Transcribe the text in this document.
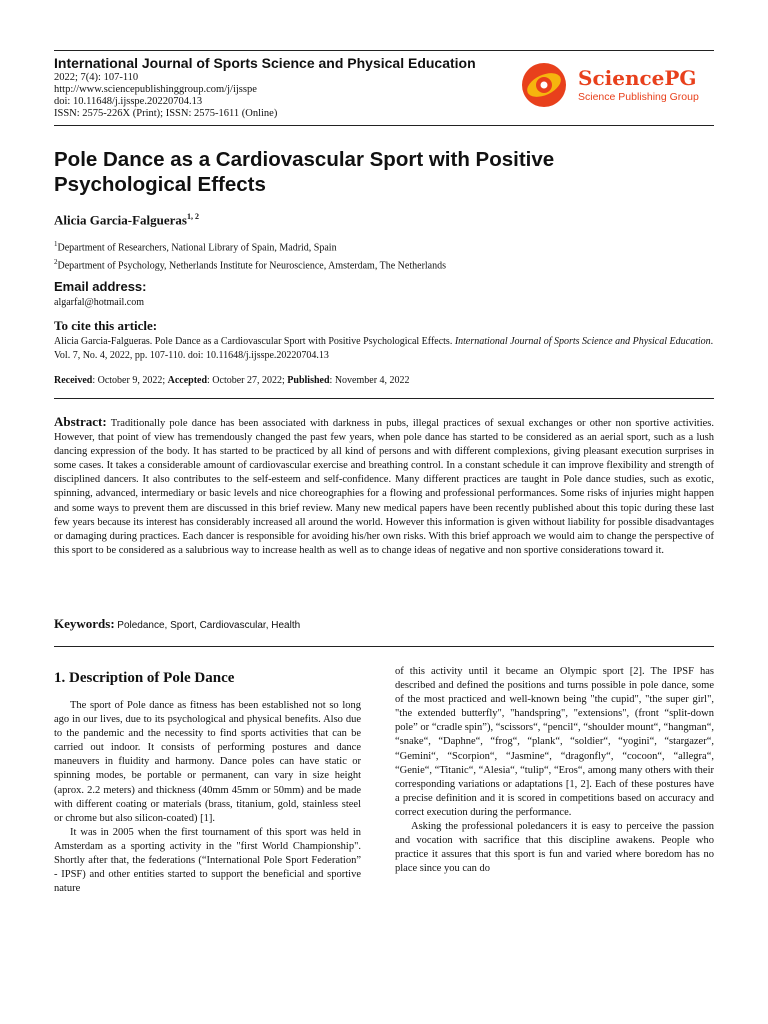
International Journal of Sports Science and Physical Education
2022; 7(4): 107-110
http://www.sciencepublishinggroup.com/j/ijsspe
doi: 10.11648/j.ijsspe.20220704.13
ISSN: 2575-226X (Print); ISSN: 2575-1611 (Online)
SciencePG
Science Publishing Group
Pole Dance as a Cardiovascular Sport with Positive
Psychological Effects
Alicia Garcia-Falgueras$^{1, 2}$
$^1$Department of Researchers, National Library of Spain, Madrid, Spain
$^2$Department of Psychology, Netherlands Institute for Neuroscience, Amsterdam, The Netherlands
Email address:
algarfal@hotmail.com
To cite this article:
Alicia Garcia-Falgueras. Pole Dance as a Cardiovascular Sport with Positive Psychological Effects. International Journal of Sports Science and Physical Education. Vol. 7, No. 4, 2022, pp. 107-110. doi: 10.11648/j.ijsspe.20220704.13
Received: October 9, 2022; Accepted: October 27, 2022; Published: November 4, 2022
Abstract: Traditionally pole dance has been associated with darkness in pubs, illegal practices of sexual exchanges or other non sportive activities. However, that point of view has tremendously changed the past few years, when pole dance has started to be considered as an aerial sport, such as a lush dancing expression of the body. It has started to be practiced by all kind of persons and with different complexions, giving pleasant execution surprises in some cases. It takes a considerable amount of cardiovascular exercise and breathing control. In a constant schedule it can improve flexibility and strength of disciplined dancers. It also contributes to the self-esteem and self-confidence. Many different practices are taught in Pole dance studies, such as exotic, spinning, advanced, intermediary or basic levels and nice choreographies for a flowing and professional performances. Some risks of injuries might happen and some ways to prevent them are discussed in this brief review. Many new medical papers have been recently published about this topic during these last few years because its interest has considerably increased all around the world. However this information is given without liability for possible disadvantages or damaging during practices. Each dancer is responsible for avoiding his/her own risks. With this brief approach we would aim to change the perspective of this sport to be considered as a salubrious way to increase health as well as to change ideas of negative and non sportive considerations toward it.
Keywords: Poledance, Sport, Cardiovascular, Health
1. Description of Pole Dance

The sport of Pole dance as fitness has been established not so long ago in our lives, due to its psychological and physical benefits. Also due to the pandemic and the necessity to find sports activities that can be carried out indoor. It consists of performing postures and dance maneuvers in fluidity and harmony. Dance poles can have static or spinning modes, be portable or permanent, can vary in size height (aprox. 2.2 meters) and thickness (40mm 45mm or 50mm) and be made with different coating or materials (brass, titanium, gold, stainless steel or chrome but also silicon-coated) [1].

It was in 2005 when the first tournament of this sport was held in Amsterdam as a sporting activity in the "first World Championship". Shortly after that, the federations (“International Pole Sport Federation” - IPSF) and other entities started to support the beneficial and sportive nature

of this activity until it became an Olympic sport [2]. The IPSF has described and defined the positions and turns possible in pole dance, some of the most practiced and well-known being "the cupid", "the super girl", "the extended butterfly", "handspring", "extensions", (front “split-down pole” or “cradle spin”), “scissors“, “pencil“, “shoulder mount“, “hangman“, “snake“, “Daphne“, “frog“, “plank“, “soldier“, “yogini“, “stargazer“, “Gemini“, “Scorpion“, “Jasmine“, “dragonfly“, “cocoon“, “allegra“, “Genie“, “Titanic“, “Alesia“, “tulip“, “Eros“, among many others with their corresponding variations or adaptations [1, 2]. Each of these postures have a precise definition and it is scored in competitions based on accuracy and correct execution during the performance.

Asking the professional poledancers it is easy to perceive the passion and vocation with sacrifice that this discipline awakens. People who practice it assures that this sport is fun and varied where boredom has no place since you can do
